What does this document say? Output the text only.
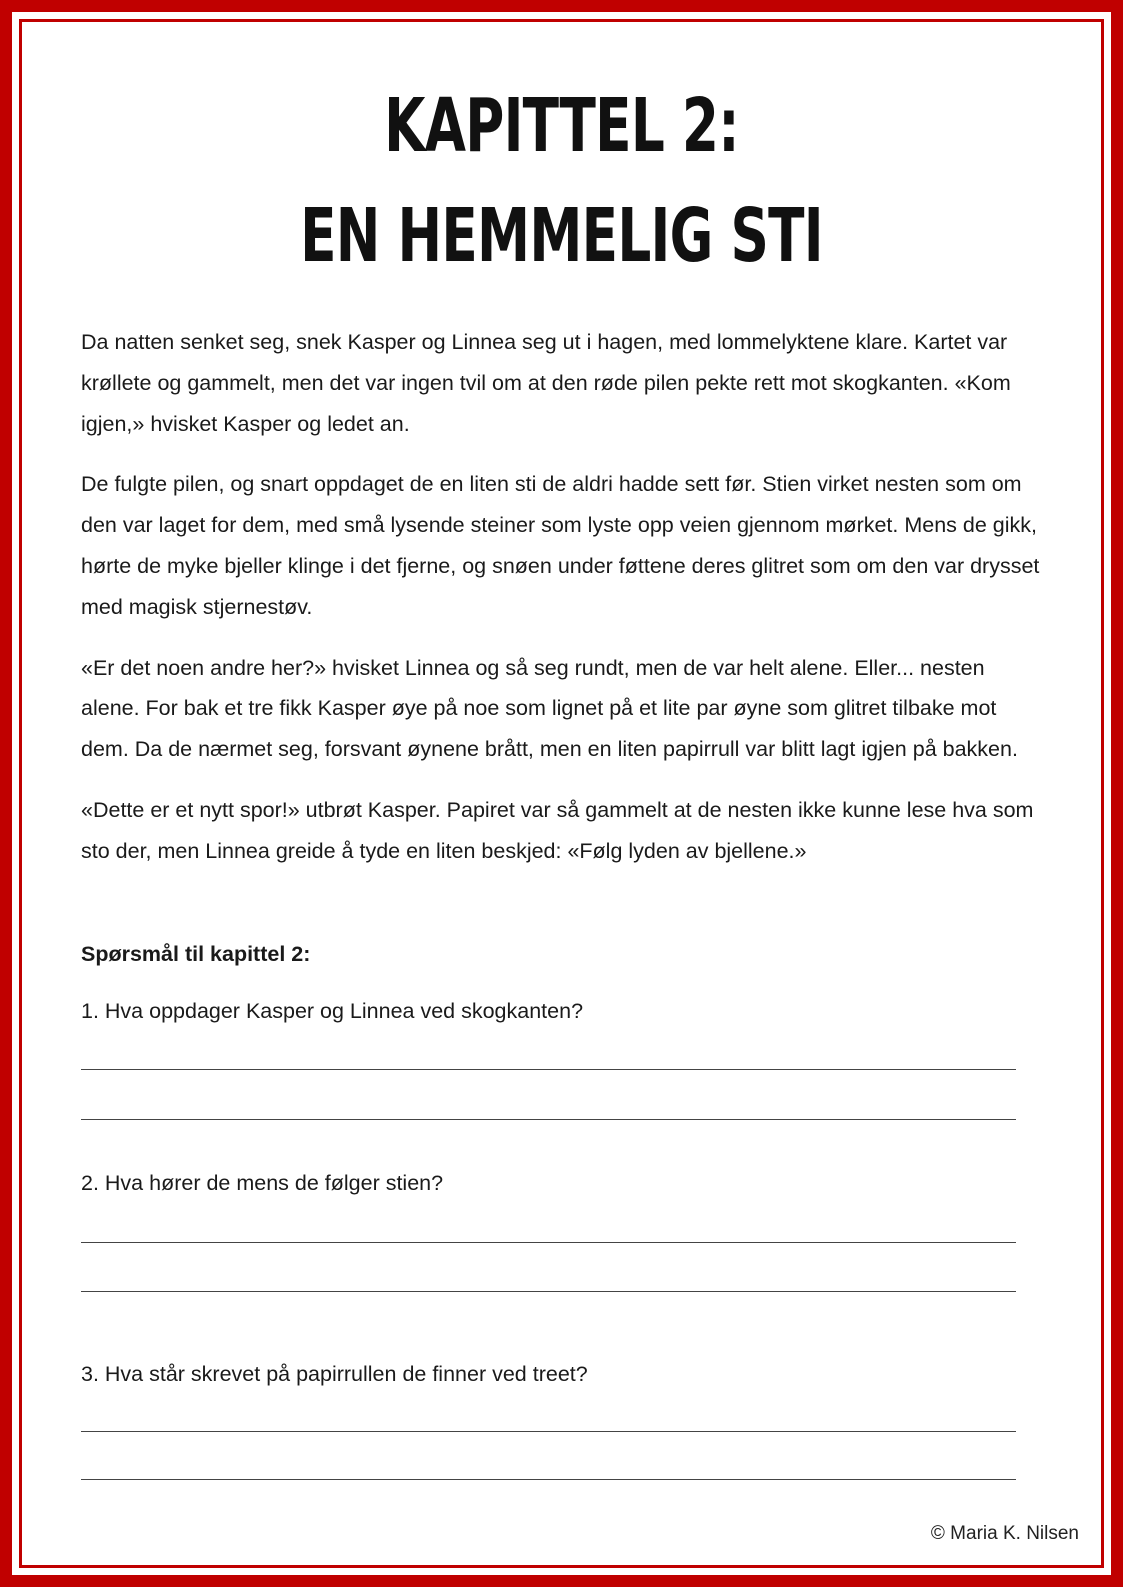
KAPITTEL 2:
EN HEMMELIG STI

Da natten senket seg, snek Kasper og Linnea seg ut i hagen, med lommelyktene klare. Kartet var krøllete og gammelt, men det var ingen tvil om at den røde pilen pekte rett mot skogkanten. «Kom igjen,» hvisket Kasper og ledet an.

De fulgte pilen, og snart oppdaget de en liten sti de aldri hadde sett før. Stien virket nesten som om den var laget for dem, med små lysende steiner som lyste opp veien gjennom mørket. Mens de gikk, hørte de myke bjeller klinge i det fjerne, og snøen under føttene deres glitret som om den var drysset med magisk stjernestøv.

«Er det noen andre her?» hvisket Linnea og så seg rundt, men de var helt alene. Eller... nesten alene. For bak et tre fikk Kasper øye på noe som lignet på et lite par øyne som glitret tilbake mot dem. Da de nærmet seg, forsvant øynene brått, men en liten papirrull var blitt lagt igjen på bakken.

«Dette er et nytt spor!» utbrøt Kasper. Papiret var så gammelt at de nesten ikke kunne lese hva som sto der, men Linnea greide å tyde en liten beskjed: «Følg lyden av bjellene.»

Spørsmål til kapittel 2:
1. Hva oppdager Kasper og Linnea ved skogkanten?
2. Hva hører de mens de følger stien?
3. Hva står skrevet på papirrullen de finner ved treet?
© Maria K. Nilsen
